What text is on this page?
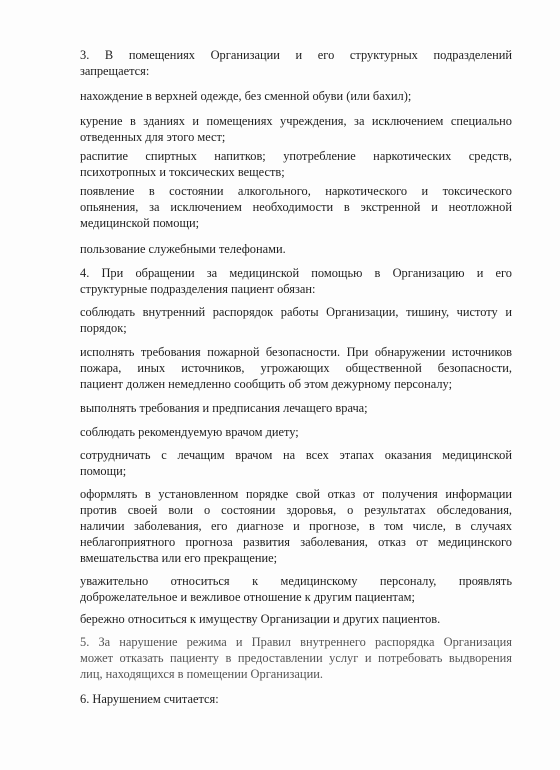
3. В помещениях Организации и его структурных подразделений
запрещается:
нахождение в верхней одежде, без сменной обуви (или бахил);
курение в зданиях и помещениях учреждения, за исключением специально
отведенных для этого мест;
распитие спиртных напитков; употребление наркотических средств,
психотропных и токсических веществ;
появление в состоянии алкогольного, наркотического и токсического
опьянения, за исключением необходимости в экстренной и неотложной
медицинской помощи;
пользование служебными телефонами.
4. При обращении за медицинской помощью в Организацию и его
структурные подразделения пациент обязан:
соблюдать внутренний распорядок работы Организации, тишину, чистоту и
порядок;
исполнять требования пожарной безопасности. При обнаружении источников
пожара, иных источников, угрожающих общественной безопасности,
пациент должен немедленно сообщить об этом дежурному персоналу;
выполнять требования и предписания лечащего врача;
соблюдать рекомендуемую врачом диету;
сотрудничать с лечащим врачом на всех этапах оказания медицинской
помощи;
оформлять в установленном порядке свой отказ от получения информации
против своей воли о состоянии здоровья, о результатах обследования,
наличии заболевания, его диагнозе и прогнозе, в том числе, в случаях
неблагоприятного прогноза развития заболевания, отказ от медицинского
вмешательства или его прекращение;
уважительно относиться к медицинскому персоналу, проявлять
доброжелательное и вежливое отношение к другим пациентам;
бережно относиться к имуществу Организации и других пациентов.
5. За нарушение режима и Правил внутреннего распорядка Организация
может отказать пациенту в предоставлении услуг и потребовать выдворения
лиц, находящихся в помещении Организации.
6. Нарушением считается:
